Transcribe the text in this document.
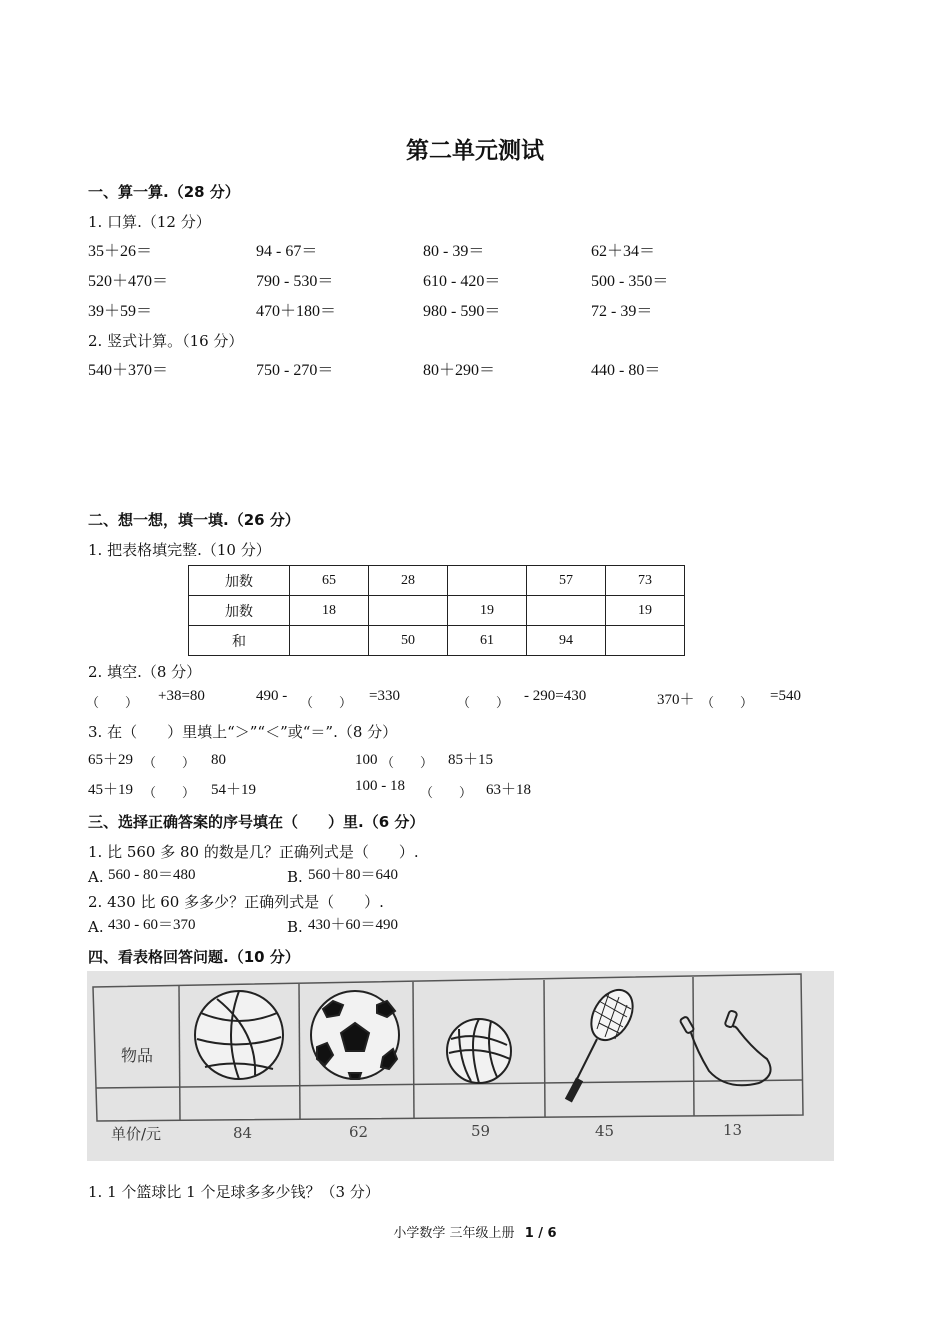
第二单元测试
一、算一算.（28 分）
1. 口算.（12 分）
35＋26＝	94 - 67＝	80 - 39＝	62＋34＝
520＋470＝	790 - 530＝	610 - 420＝	500 - 350＝
39＋59＝	470＋180＝	980 - 590＝	72 - 39＝
2. 竖式计算。（16 分）
540＋370＝	750 - 270＝	80＋290＝	440 - 80＝
二、想一想，填一填.（26 分）
1. 把表格填完整.（10 分）
加数	65	28		57	73
加数	18		19		19
和		50	61	94	
2. 填空.（8 分）
（　　） +38=80	490 - （　　） =330	（　　） - 290=430	370＋ （　　） =540
3. 在（　　）里填上“＞”“＜”或“＝”.（8 分）
65＋29 （　　） 80	100 （　　） 85＋15
45＋19 （　　） 54＋19	100 - 18 （　　） 63＋18
三、选择正确答案的序号填在（　　）里.（6 分）
1. 比 560 多 80 的数是几？正确列式是（　　）.
A. 560 - 80＝480	B. 560＋80＝640
2. 430 比 60 多多少？正确列式是（　　）.
A. 430 - 60＝370	B. 430＋60＝490
四、看表格回答问题.（10 分）
物品
单价/元	84	62	59	45	13
1. 1 个篮球比 1 个足球多多少钱？（3 分）
小学数学 三年级上册 1 / 6
